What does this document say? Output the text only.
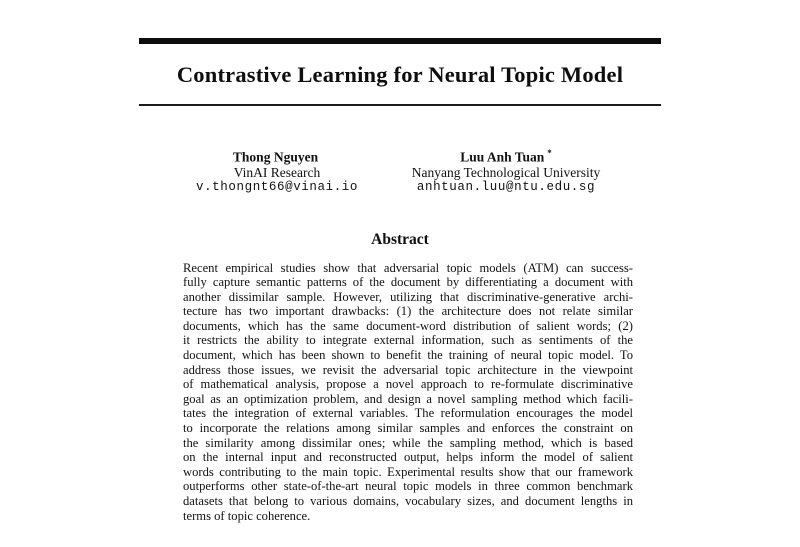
Contrastive Learning for Neural Topic Model
Thong Nguyen
VinAI Research
v.thongnt66@vinai.io
Luu Anh Tuan *
Nanyang Technological University
anhtuan.luu@ntu.edu.sg
Abstract
Recent empirical studies show that adversarial topic models (ATM) can success-
fully capture semantic patterns of the document by differentiating a document with
another dissimilar sample. However, utilizing that discriminative-generative archi-
tecture has two important drawbacks: (1) the architecture does not relate similar
documents, which has the same document-word distribution of salient words; (2)
it restricts the ability to integrate external information, such as sentiments of the
document, which has been shown to benefit the training of neural topic model. To
address those issues, we revisit the adversarial topic architecture in the viewpoint
of mathematical analysis, propose a novel approach to re-formulate discriminative
goal as an optimization problem, and design a novel sampling method which facili-
tates the integration of external variables. The reformulation encourages the model
to incorporate the relations among similar samples and enforces the constraint on
the similarity among dissimilar ones; while the sampling method, which is based
on the internal input and reconstructed output, helps inform the model of salient
words contributing to the main topic. Experimental results show that our framework
outperforms other state-of-the-art neural topic models in three common benchmark
datasets that belong to various domains, vocabulary sizes, and document lengths in
terms of topic coherence.
